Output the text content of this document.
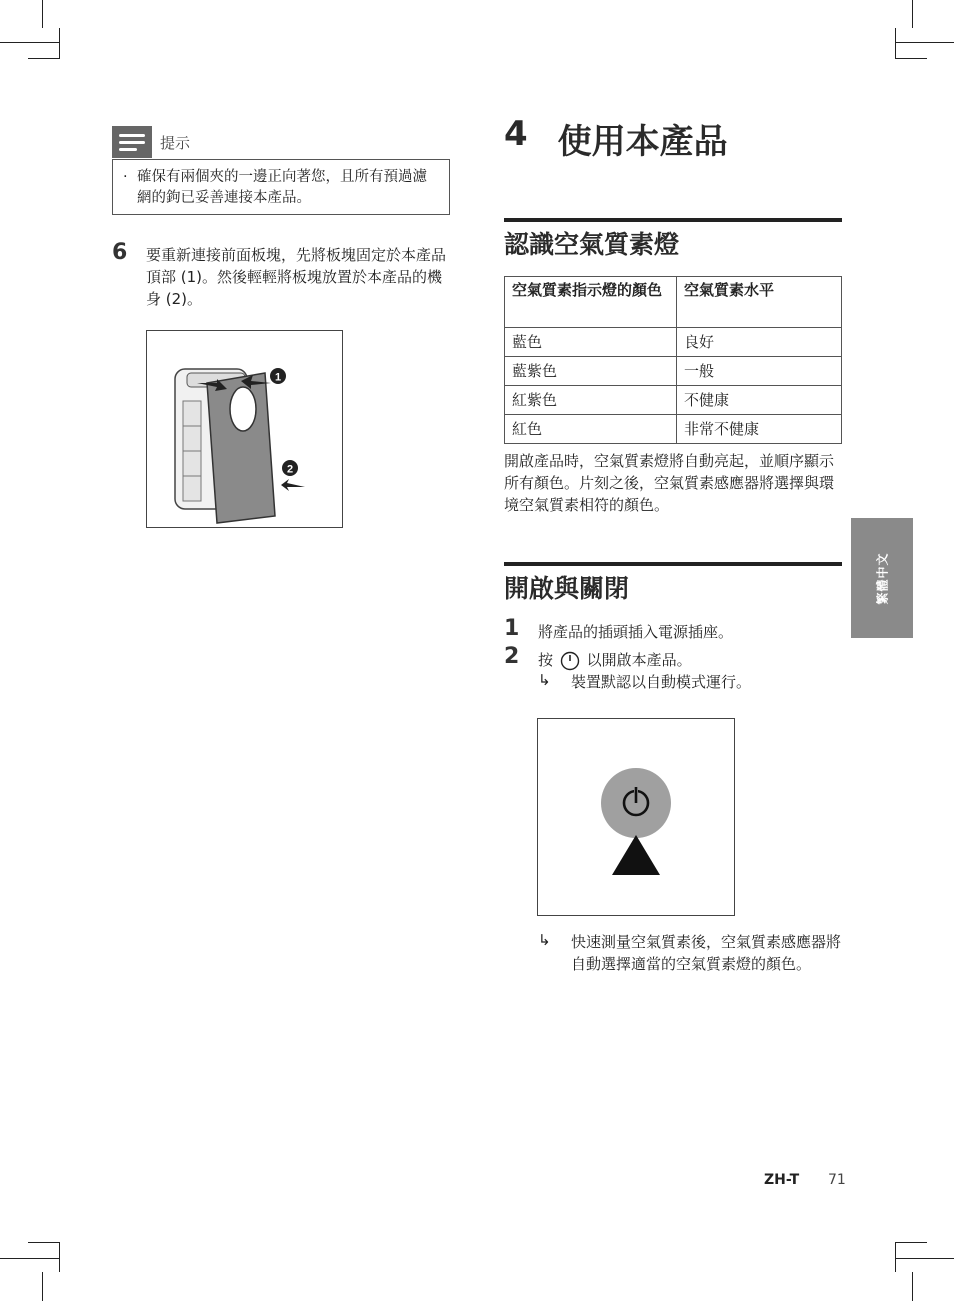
提示
· 確保有兩個夾的一邊正向著您，且所有預過濾網的鉤已妥善連接本產品。
6 要重新連接前面板塊，先將板塊固定於本產品頂部 (1)。然後輕輕將板塊放置於本產品的機身 (2)。
1
2
4 使用本產品
認識空氣質素燈
空氣質素指示燈的顏色	空氣質素水平
藍色	良好
藍紫色	一般
紅紫色	不健康
紅色	非常不健康
開啟產品時，空氣質素燈將自動亮起，並順序顯示所有顏色。片刻之後，空氣質素感應器將選擇與環境空氣質素相符的顏色。
開啟與關閉
1 將產品的插頭插入電源插座。
2 按 以開啟本產品。
↳ 裝置默認以自動模式運行。
↳ 快速測量空氣質素後，空氣質素感應器將自動選擇適當的空氣質素燈的顏色。
繁體中文
ZH-T 71
